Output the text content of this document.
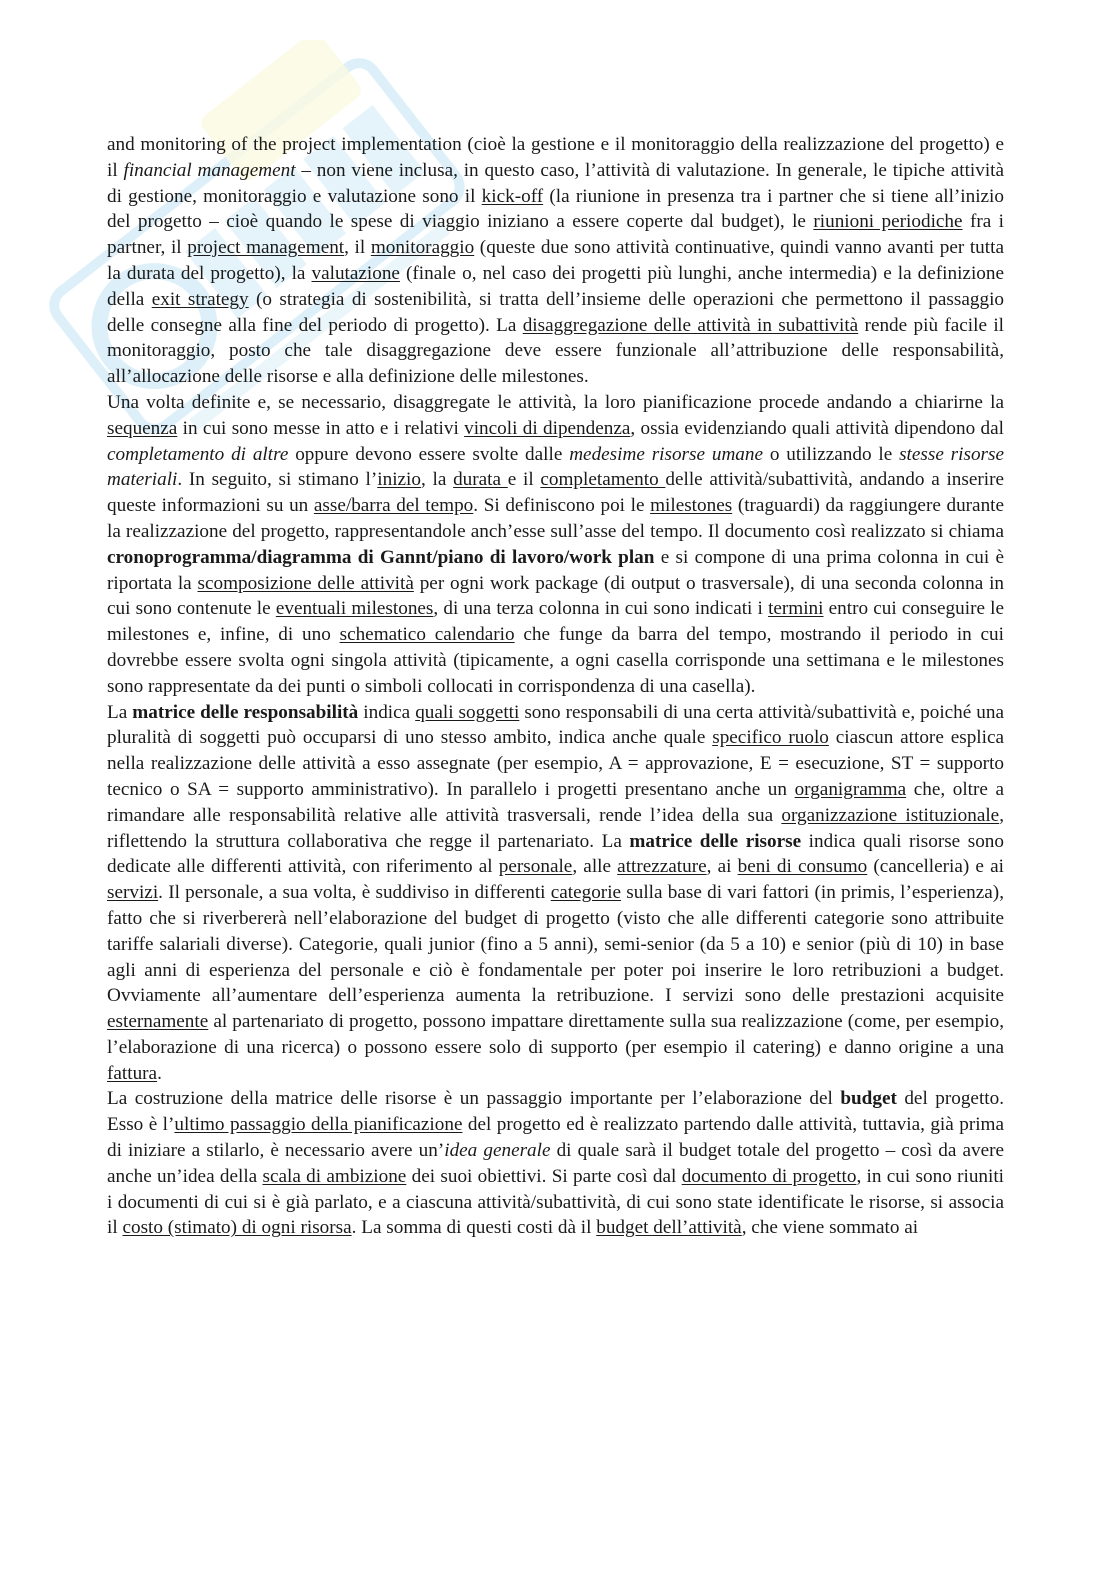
and monitoring of the project implementation (cioè la gestione e il monitoraggio della realizzazione del progetto) e il financial management – non viene inclusa, in questo caso, l’attività di valutazione. In generale, le tipiche attività di gestione, monitoraggio e valutazione sono il kick-off (la riunione in presenza tra i partner che si tiene all’inizio del progetto – cioè quando le spese di viaggio iniziano a essere coperte dal budget), le riunioni periodiche fra i partner, il project management, il monitoraggio (queste due sono attività continuative, quindi vanno avanti per tutta la durata del progetto), la valutazione (finale o, nel caso dei progetti più lunghi, anche intermedia) e la definizione della exit strategy (o strategia di sostenibilità, si tratta dell’insieme delle operazioni che permettono il passaggio delle consegne alla fine del periodo di progetto). La disaggregazione delle attività in subattività rende più facile il monitoraggio, posto che tale disaggregazione deve essere funzionale all’attribuzione delle responsabilità, all’allocazione delle risorse e alla definizione delle milestones.

Una volta definite e, se necessario, disaggregate le attività, la loro pianificazione procede andando a chiarirne la sequenza in cui sono messe in atto e i relativi vincoli di dipendenza, ossia evidenziando quali attività dipendono dal completamento di altre oppure devono essere svolte dalle medesime risorse umane o utilizzando le stesse risorse materiali. In seguito, si stimano l’inizio, la durata e il completamento delle attività/subattività, andando a inserire queste informazioni su un asse/barra del tempo. Si definiscono poi le milestones (traguardi) da raggiungere durante la realizzazione del progetto, rappresentandole anch’esse sull’asse del tempo. Il documento così realizzato si chiama cronoprogramma/diagramma di Gannt/piano di lavoro/work plan e si compone di una prima colonna in cui è riportata la scomposizione delle attività per ogni work package (di output o trasversale), di una seconda colonna in cui sono contenute le eventuali milestones, di una terza colonna in cui sono indicati i termini entro cui conseguire le milestones e, infine, di uno schematico calendario che funge da barra del tempo, mostrando il periodo in cui dovrebbe essere svolta ogni singola attività (tipicamente, a ogni casella corrisponde una settimana e le milestones sono rappresentate da dei punti o simboli collocati in corrispondenza di una casella).

La matrice delle responsabilità indica quali soggetti sono responsabili di una certa attività/subattività e, poiché una pluralità di soggetti può occuparsi di uno stesso ambito, indica anche quale specifico ruolo ciascun attore esplica nella realizzazione delle attività a esso assegnate (per esempio, A = approvazione, E = esecuzione, ST = supporto tecnico o SA = supporto amministrativo). In parallelo i progetti presentano anche un organigramma che, oltre a rimandare alle responsabilità relative alle attività trasversali, rende l’idea della sua organizzazione istituzionale, riflettendo la struttura collaborativa che regge il partenariato. La matrice delle risorse indica quali risorse sono dedicate alle differenti attività, con riferimento al personale, alle attrezzature, ai beni di consumo (cancelleria) e ai servizi. Il personale, a sua volta, è suddiviso in differenti categorie sulla base di vari fattori (in primis, l’esperienza), fatto che si riverbererà nell’elaborazione del budget di progetto (visto che alle differenti categorie sono attribuite tariffe salariali diverse). Categorie, quali junior (fino a 5 anni), semi-senior (da 5 a 10) e senior (più di 10) in base agli anni di esperienza del personale e ciò è fondamentale per poter poi inserire le loro retribuzioni a budget. Ovviamente all’aumentare dell’esperienza aumenta la retribuzione. I servizi sono delle prestazioni acquisite esternamente al partenariato di progetto, possono impattare direttamente sulla sua realizzazione (come, per esempio, l’elaborazione di una ricerca) o possono essere solo di supporto (per esempio il catering) e danno origine a una fattura.

La costruzione della matrice delle risorse è un passaggio importante per l’elaborazione del budget del progetto. Esso è l’ultimo passaggio della pianificazione del progetto ed è realizzato partendo dalle attività, tuttavia, già prima di iniziare a stilarlo, è necessario avere un’idea generale di quale sarà il budget totale del progetto – così da avere anche un’idea della scala di ambizione dei suoi obiettivi. Si parte così dal documento di progetto, in cui sono riuniti i documenti di cui si è già parlato, e a ciascuna attività/subattività, di cui sono state identificate le risorse, si associa il costo (stimato) di ogni risorsa. La somma di questi costi dà il budget dell’attività, che viene sommato ai
